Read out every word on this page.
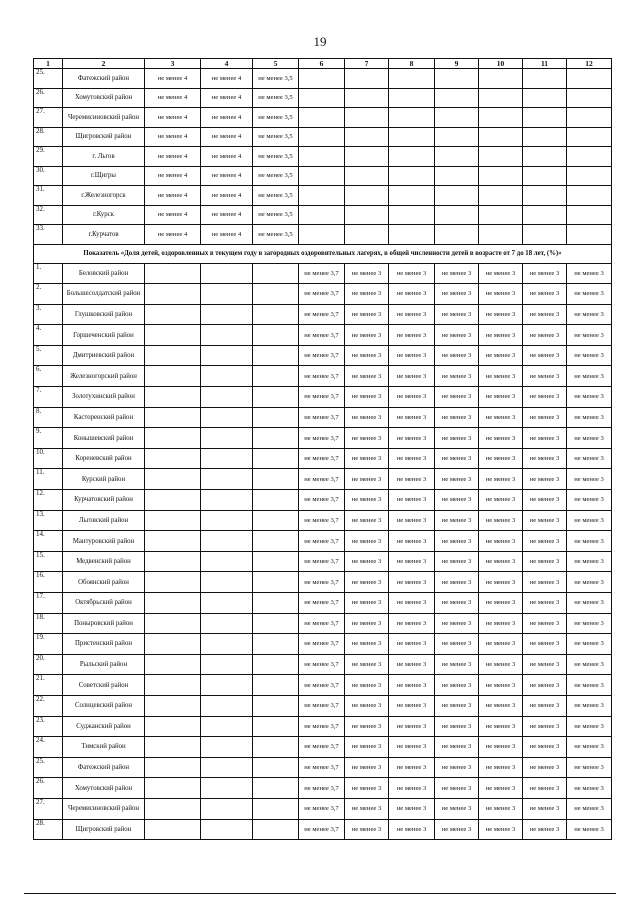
19
1	2	3	4	5	6	7	8	9	10	11	12
25.	Фатежский район	не менее 4	не менее 4	не менее 3,5							
26.	Хомутовский район	не менее 4	не менее 4	не менее 3,5							
27.	Черемисиновский район	не менее 4	не менее 4	не менее 3,5							
28.	Щигровский район	не менее 4	не менее 4	не менее 3,5							
29.	г. Льгов	не менее 4	не менее 4	не менее 3,5							
30.	г.Щигры	не менее 4	не менее 4	не менее 3,5							
31.	г.Железногорск	не менее 4	не менее 4	не менее 3,5							
32.	г.Курск	не менее 4	не менее 4	не менее 3,5							
33.	г.Курчатов	не менее 4	не менее 4	не менее 3,5							
Показатель «Доля детей, оздоровленных в текущем году в загородных оздоровительных лагерях, в общей численности детей в возрасте от 7 до 18 лет, (%)»											
1.	Беловский район				не менее 3,7	не менее 3	не менее 3	не менее 3	не менее 3	не менее 3	не менее 3
2.	Большесолдатский район				не менее 3,7	не менее 3	не менее 3	не менее 3	не менее 3	не менее 3	не менее 3
3.	Глушковский район				не менее 3,7	не менее 3	не менее 3	не менее 3	не менее 3	не менее 3	не менее 3
4.	Горшеченский район				не менее 3,7	не менее 3	не менее 3	не менее 3	не менее 3	не менее 3	не менее 3
5.	Дмитриевский район				не менее 3,7	не менее 3	не менее 3	не менее 3	не менее 3	не менее 3	не менее 3
6.	Железногорский район				не менее 3,7	не менее 3	не менее 3	не менее 3	не менее 3	не менее 3	не менее 3
7.	Золотухинский район				не менее 3,7	не менее 3	не менее 3	не менее 3	не менее 3	не менее 3	не менее 3
8.	Касторенский район				не менее 3,7	не менее 3	не менее 3	не менее 3	не менее 3	не менее 3	не менее 3
9.	Конышевский район				не менее 3,7	не менее 3	не менее 3	не менее 3	не менее 3	не менее 3	не менее 3
10.	Кореневский район				не менее 3,7	не менее 3	не менее 3	не менее 3	не менее 3	не менее 3	не менее 3
11.	Курский район				не менее 3,7	не менее 3	не менее 3	не менее 3	не менее 3	не менее 3	не менее 3
12.	Курчатовский район				не менее 3,7	не менее 3	не менее 3	не менее 3	не менее 3	не менее 3	не менее 3
13.	Льговский район				не менее 3,7	не менее 3	не менее 3	не менее 3	не менее 3	не менее 3	не менее 3
14.	Мантуровский район				не менее 3,7	не менее 3	не менее 3	не менее 3	не менее 3	не менее 3	не менее 3
15.	Медвенский район				не менее 3,7	не менее 3	не менее 3	не менее 3	не менее 3	не менее 3	не менее 3
16.	Обоянский район				не менее 3,7	не менее 3	не менее 3	не менее 3	не менее 3	не менее 3	не менее 3
17.	Октябрьский район				не менее 3,7	не менее 3	не менее 3	не менее 3	не менее 3	не менее 3	не менее 3
18.	Поныровский район				не менее 3,7	не менее 3	не менее 3	не менее 3	не менее 3	не менее 3	не менее 3
19.	Пристенский район				не менее 3,7	не менее 3	не менее 3	не менее 3	не менее 3	не менее 3	не менее 3
20.	Рыльский район				не менее 3,7	не менее 3	не менее 3	не менее 3	не менее 3	не менее 3	не менее 3
21.	Советский район				не менее 3,7	не менее 3	не менее 3	не менее 3	не менее 3	не менее 3	не менее 3
22.	Солнцевский район				не менее 3,7	не менее 3	не менее 3	не менее 3	не менее 3	не менее 3	не менее 3
23.	Суджанский район				не менее 3,7	не менее 3	не менее 3	не менее 3	не менее 3	не менее 3	не менее 3
24.	Тимский район				не менее 3,7	не менее 3	не менее 3	не менее 3	не менее 3	не менее 3	не менее 3
25.	Фатежский район				не менее 3,7	не менее 3	не менее 3	не менее 3	не менее 3	не менее 3	не менее 3
26.	Хомутовский район				не менее 3,7	не менее 3	не менее 3	не менее 3	не менее 3	не менее 3	не менее 3
27.	Черемисиновский район				не менее 3,7	не менее 3	не менее 3	не менее 3	не менее 3	не менее 3	не менее 3
28.	Щигровский район				не менее 3,7	не менее 3	не менее 3	не менее 3	не менее 3	не менее 3	не менее 3
